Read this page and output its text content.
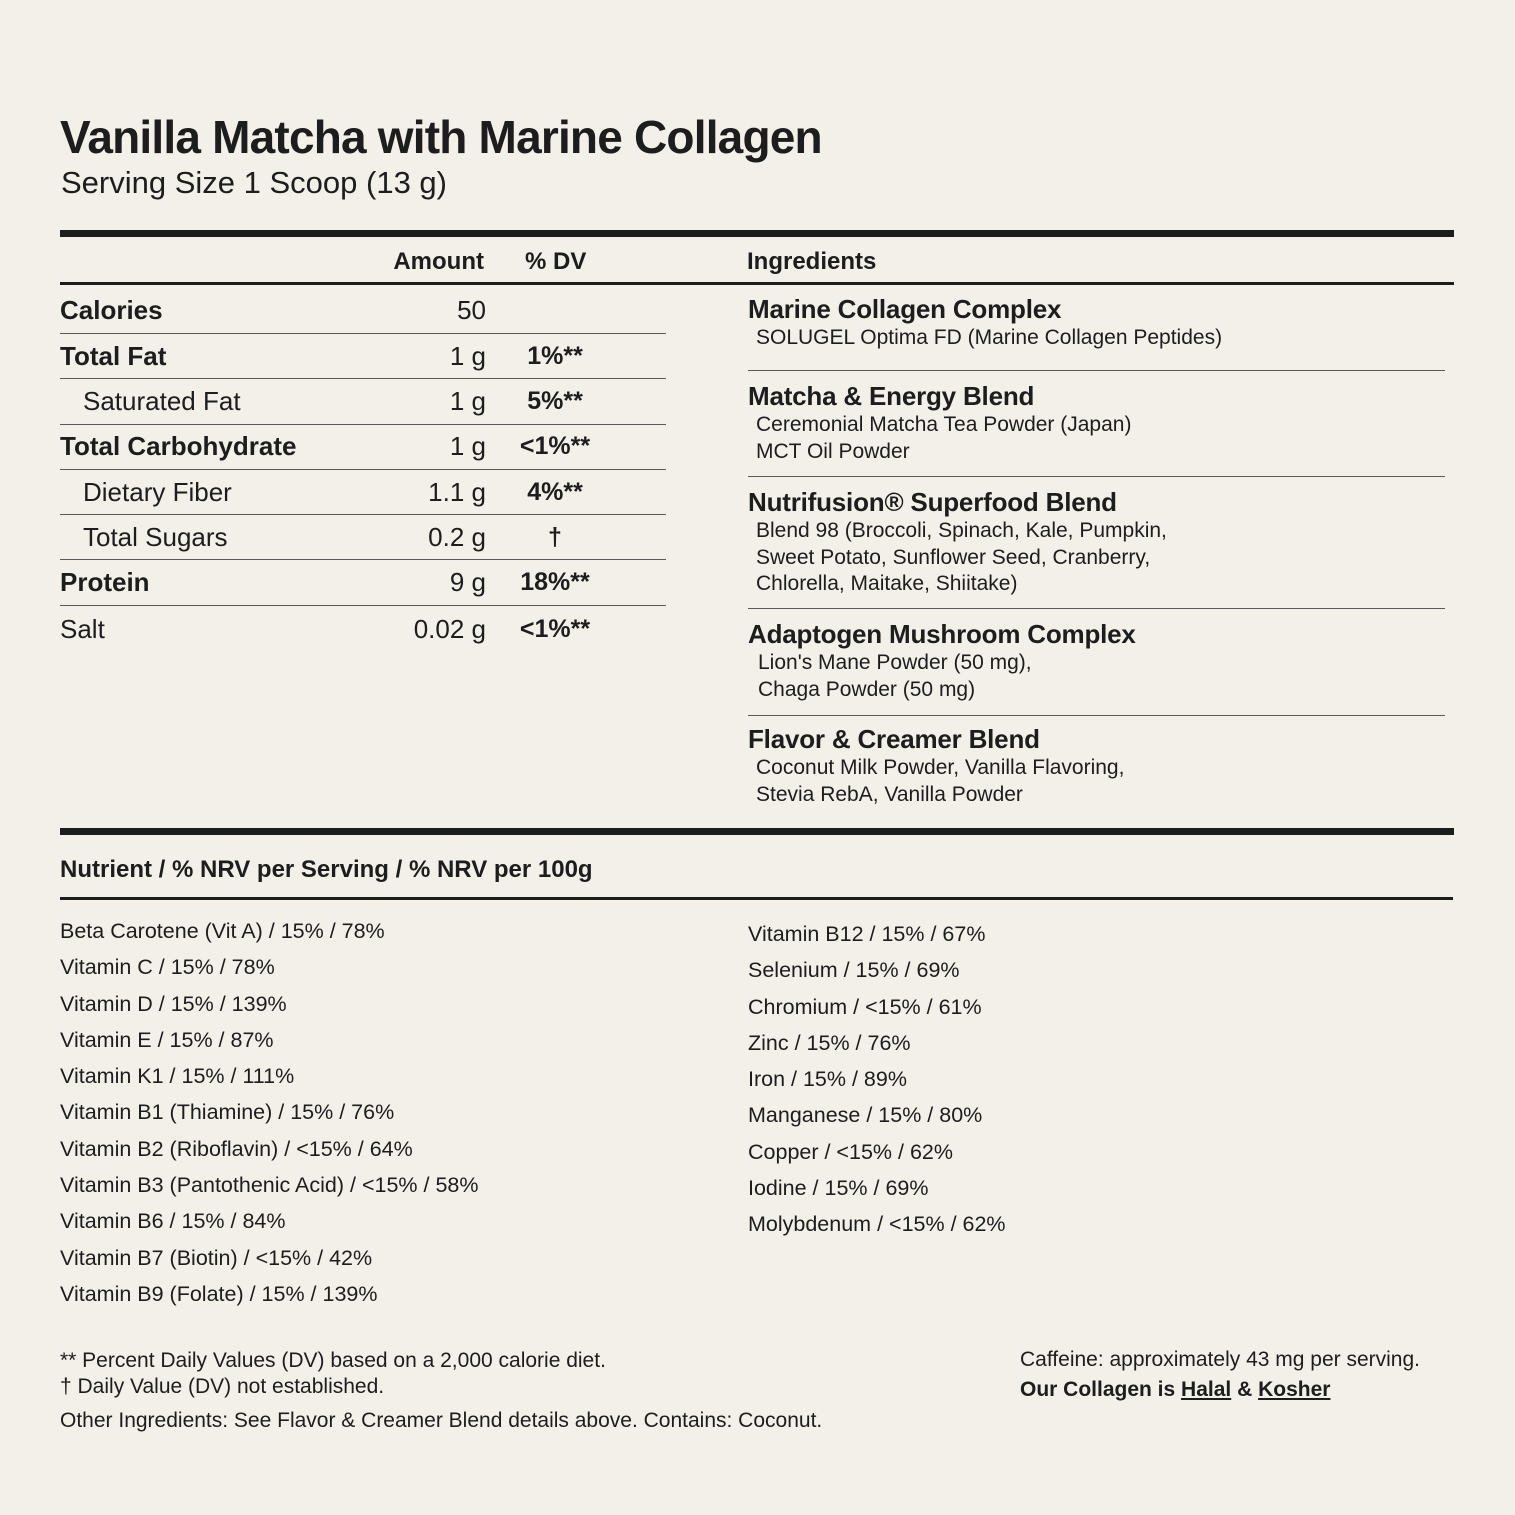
Vanilla Matcha with Marine Collagen
Serving Size 1 Scoop (13 g)
Amount % DV	Ingredients
Calories	50
Total Fat	1 g	1%**
Saturated Fat	1 g	5%**
Total Carbohydrate	1 g	<1%**
Dietary Fiber	1.1 g	4%**
Total Sugars	0.2 g	†
Protein	9 g	18%**
Salt	0.02 g	<1%**
Marine Collagen Complex
SOLUGEL Optima FD (Marine Collagen Peptides)
Matcha & Energy Blend
Ceremonial Matcha Tea Powder (Japan)
MCT Oil Powder
Nutrifusion® Superfood Blend
Blend 98 (Broccoli, Spinach, Kale, Pumpkin,
Sweet Potato, Sunflower Seed, Cranberry,
Chlorella, Maitake, Shiitake)
Adaptogen Mushroom Complex
Lion's Mane Powder (50 mg),
Chaga Powder (50 mg)
Flavor & Creamer Blend
Coconut Milk Powder, Vanilla Flavoring,
Stevia RebA, Vanilla Powder
Nutrient / % NRV per Serving / % NRV per 100g
Beta Carotene (Vit A) / 15% / 78%
Vitamin C / 15% / 78%
Vitamin D / 15% / 139%
Vitamin E / 15% / 87%
Vitamin K1 / 15% / 111%
Vitamin B1 (Thiamine) / 15% / 76%
Vitamin B2 (Riboflavin) / <15% / 64%
Vitamin B3 (Pantothenic Acid) / <15% / 58%
Vitamin B6 / 15% / 84%
Vitamin B7 (Biotin) / <15% / 42%
Vitamin B9 (Folate) / 15% / 139%
Vitamin B12 / 15% / 67%
Selenium / 15% / 69%
Chromium / <15% / 61%
Zinc / 15% / 76%
Iron / 15% / 89%
Manganese / 15% / 80%
Copper / <15% / 62%
Iodine / 15% / 69%
Molybdenum / <15% / 62%
** Percent Daily Values (DV) based on a 2,000 calorie diet.
† Daily Value (DV) not established.
Other Ingredients: See Flavor & Creamer Blend details above. Contains: Coconut.
Caffeine: approximately 43 mg per serving.
Our Collagen is Halal & Kosher
